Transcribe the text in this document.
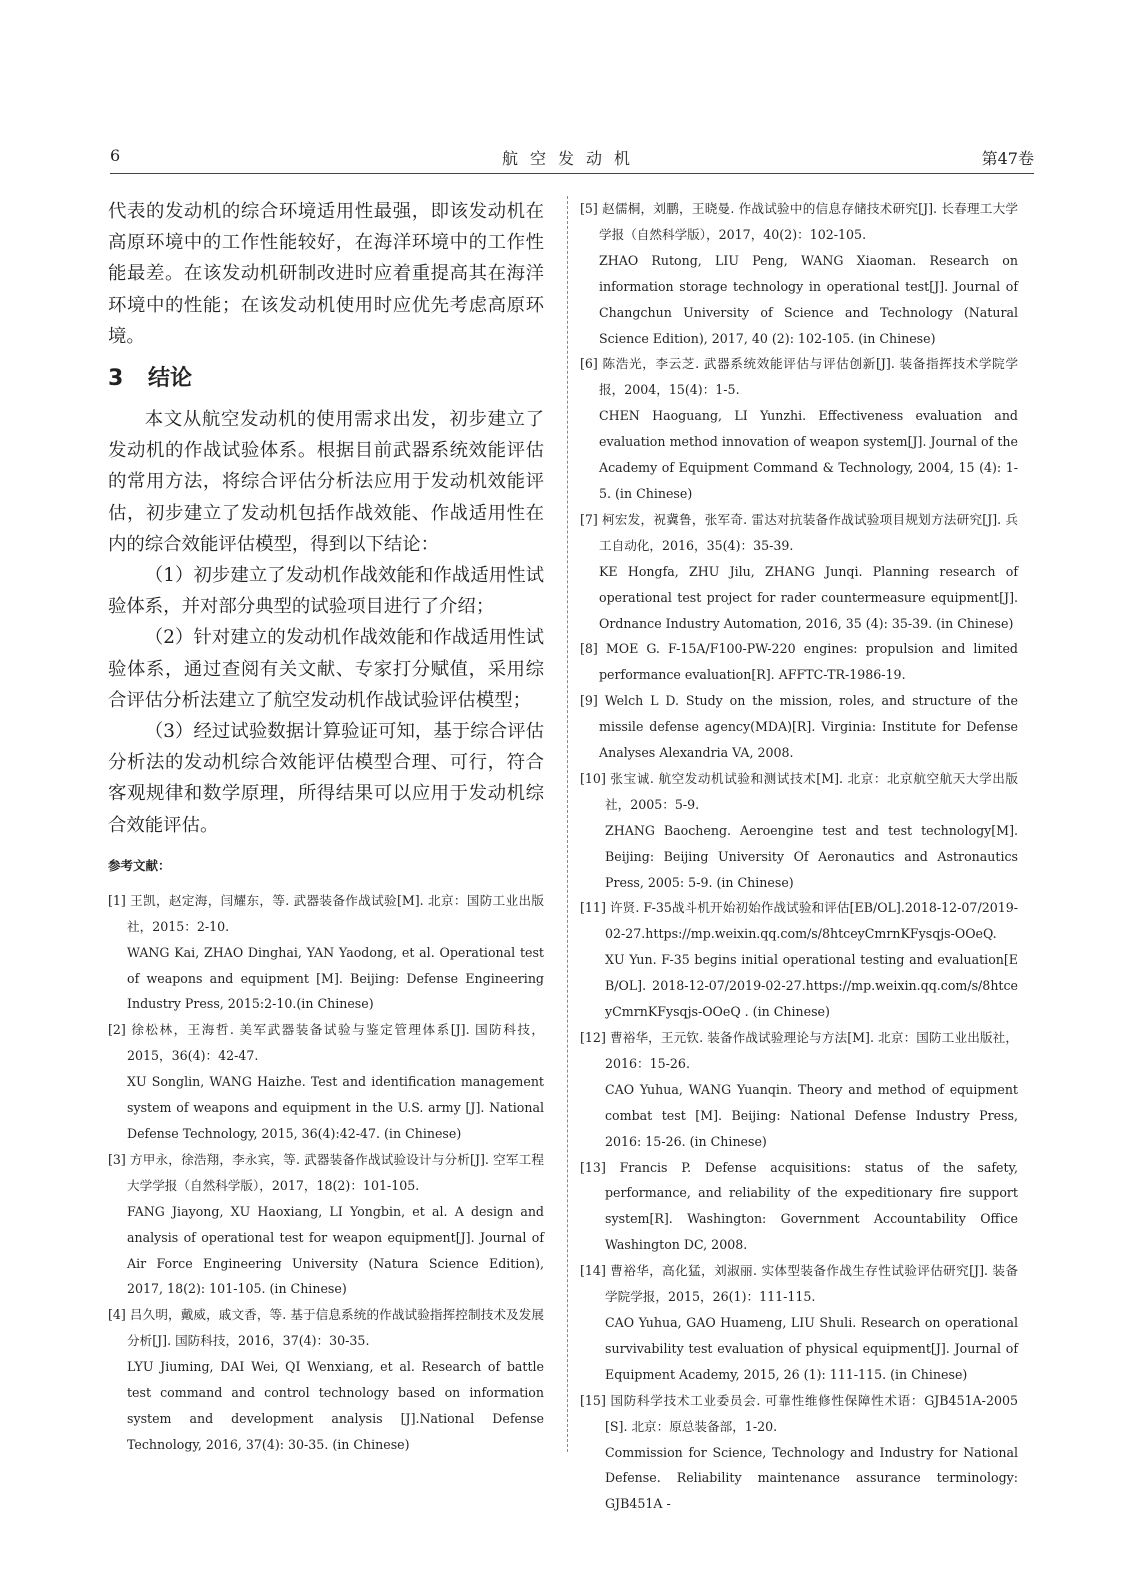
6	航空发动机	第47卷

代表的发动机的综合环境适用性最强，即该发动机在高原环境中的工作性能较好，在海洋环境中的工作性能最差。在该发动机研制改进时应着重提高其在海洋环境中的性能；在该发动机使用时应优先考虑高原环境。

3 结论

本文从航空发动机的使用需求出发，初步建立了发动机的作战试验体系。根据目前武器系统效能评估的常用方法，将综合评估分析法应用于发动机效能评估，初步建立了发动机包括作战效能、作战适用性在内的综合效能评估模型，得到以下结论：

（1）初步建立了发动机作战效能和作战适用性试验体系，并对部分典型的试验项目进行了介绍；

（2）针对建立的发动机作战效能和作战适用性试验体系，通过查阅有关文献、专家打分赋值，采用综合评估分析法建立了航空发动机作战试验评估模型；

（3）经过试验数据计算验证可知，基于综合评估分析法的发动机综合效能评估模型合理、可行，符合客观规律和数学原理，所得结果可以应用于发动机综合效能评估。

参考文献：
[1] 王凯，赵定海，闫耀东，等. 武器装备作战试验[M]. 北京：国防工业出版社，2015：2-10.
WANG Kai, ZHAO Dinghai, YAN Yaodong, et al. Operational test of weapons and equipment [M]. Beijing: Defense Engineering Industry Press, 2015:2-10.(in Chinese)
[2] 徐松林，王海哲. 美军武器装备试验与鉴定管理体系[J]. 国防科技，2015，36(4)：42-47.
XU Songlin, WANG Haizhe. Test and identification management system of weapons and equipment in the U.S. army [J]. National Defense Technology, 2015, 36(4):42-47. (in Chinese)
[3] 方甲永，徐浩翔，李永宾，等. 武器装备作战试验设计与分析[J]. 空军工程大学学报（自然科学版），2017，18(2)：101-105.
FANG Jiayong, XU Haoxiang, LI Yongbin, et al. A design and analysis of operational test for weapon equipment[J]. Journal of Air Force Engineering University (Natura Science Edition), 2017, 18(2): 101-105. (in Chinese)
[4] 吕久明，戴威，戚文香，等. 基于信息系统的作战试验指挥控制技术及发展分析[J]. 国防科技，2016，37(4)：30-35.
LYU Jiuming, DAI Wei, QI Wenxiang, et al. Research of battle test command and control technology based on information system and development analysis [J].National Defense Technology, 2016, 37(4): 30-35. (in Chinese)
[5] 赵儒桐，刘鹏，王晓曼. 作战试验中的信息存储技术研究[J]. 长春理工大学学报（自然科学版），2017，40(2)：102-105.
ZHAO Rutong, LIU Peng, WANG Xiaoman. Research on information storage technology in operational test[J]. Journal of Changchun University of Science and Technology (Natural Science Edition), 2017, 40 (2): 102-105. (in Chinese)
[6] 陈浩光，李云芝. 武器系统效能评估与评估创新[J]. 装备指挥技术学院学报，2004，15(4)：1-5.
CHEN Haoguang, LI Yunzhi. Effectiveness evaluation and evaluation method innovation of weapon system[J]. Journal of the Academy of Equipment Command & Technology, 2004, 15 (4): 1-5. (in Chinese)
[7] 柯宏发，祝冀鲁，张军奇. 雷达对抗装备作战试验项目规划方法研究[J]. 兵工自动化，2016，35(4)：35-39.
KE Hongfa, ZHU Jilu, ZHANG Junqi. Planning research of operational test project for rader countermeasure equipment[J]. Ordnance Industry Automation, 2016, 35 (4): 35-39. (in Chinese)
[8] MOE G. F-15A/F100-PW-220 engines: propulsion and limited performance evaluation[R]. AFFTC-TR-1986-19.
[9] Welch L D. Study on the mission, roles, and structure of the missile defense agency(MDA)[R]. Virginia: Institute for Defense Analyses Alexandria VA, 2008.
[10] 张宝诚. 航空发动机试验和测试技术[M]. 北京：北京航空航天大学出版社，2005：5-9.
ZHANG Baocheng. Aeroengine test and test technology[M]. Beijing: Beijing University Of Aeronautics and Astronautics Press, 2005: 5-9. (in Chinese)
[11] 许贤. F-35战斗机开始初始作战试验和评估[EB/OL].2018-12-07/2019-02-27.https://mp.weixin.qq.com/s/8htceyCmrnKFysqjs-OOeQ.
XU Yun. F-35 begins initial operational testing and evaluation[EB/OL]. 2018-12-07/2019-02-27.https://mp.weixin.qq.com/s/8htceyCmrnKFysqjs-OOeQ . (in Chinese)
[12] 曹裕华，王元钦. 装备作战试验理论与方法[M]. 北京：国防工业出版社，2016：15-26.
CAO Yuhua, WANG Yuanqin. Theory and method of equipment combat test [M]. Beijing: National Defense Industry Press, 2016: 15-26. (in Chinese)
[13] Francis P. Defense acquisitions: status of the safety, performance, and reliability of the expeditionary fire support system[R]. Washington: Government Accountability Office Washington DC, 2008.
[14] 曹裕华，高化猛，刘淑丽. 实体型装备作战生存性试验评估研究[J]. 装备学院学报，2015，26(1)：111-115.
CAO Yuhua, GAO Huameng, LIU Shuli. Research on operational survivability test evaluation of physical equipment[J]. Journal of Equipment Academy, 2015, 26 (1): 111-115. (in Chinese)
[15] 国防科学技术工业委员会. 可靠性维修性保障性术语：GJB451A-2005 [S]. 北京：原总装备部，1-20.
Commission for Science, Technology and Industry for National Defense. Reliability maintenance assurance terminology: GJB451A -
